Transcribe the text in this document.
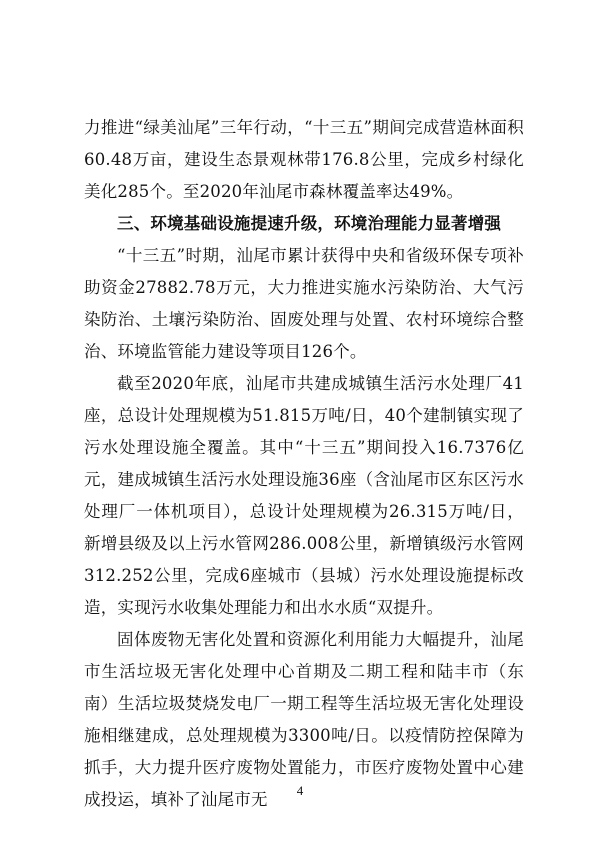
力推进“绿美汕尾”三年行动，“十三五”期间完成营造林面积60.48万亩，建设生态景观林带176.8公里，完成乡村绿化美化285个。至2020年汕尾市森林覆盖率达49%。

三、环境基础设施提速升级，环境治理能力显著增强

“十三五”时期，汕尾市累计获得中央和省级环保专项补助资金27882.78万元，大力推进实施水污染防治、大气污染防治、土壤污染防治、固废处理与处置、农村环境综合整治、环境监管能力建设等项目126个。

截至2020年底，汕尾市共建成城镇生活污水处理厂41座，总设计处理规模为51.815万吨/日，40个建制镇实现了污水处理设施全覆盖。其中“十三五”期间投入16.7376亿元，建成城镇生活污水处理设施36座（含汕尾市区东区污水处理厂一体机项目），总设计处理规模为26.315万吨/日，新增县级及以上污水管网286.008公里，新增镇级污水管网312.252公里，完成6座城市（县城）污水处理设施提标改造，实现污水收集处理能力和出水水质“双提升。

固体废物无害化处置和资源化利用能力大幅提升，汕尾市生活垃圾无害化处理中心首期及二期工程和陆丰市（东南）生活垃圾焚烧发电厂一期工程等生活垃圾无害化处理设施相继建成，总处理规模为3300吨/日。以疫情防控保障为抓手，大力提升医疗废物处置能力，市医疗废物处置中心建成投运，填补了汕尾市无	4
